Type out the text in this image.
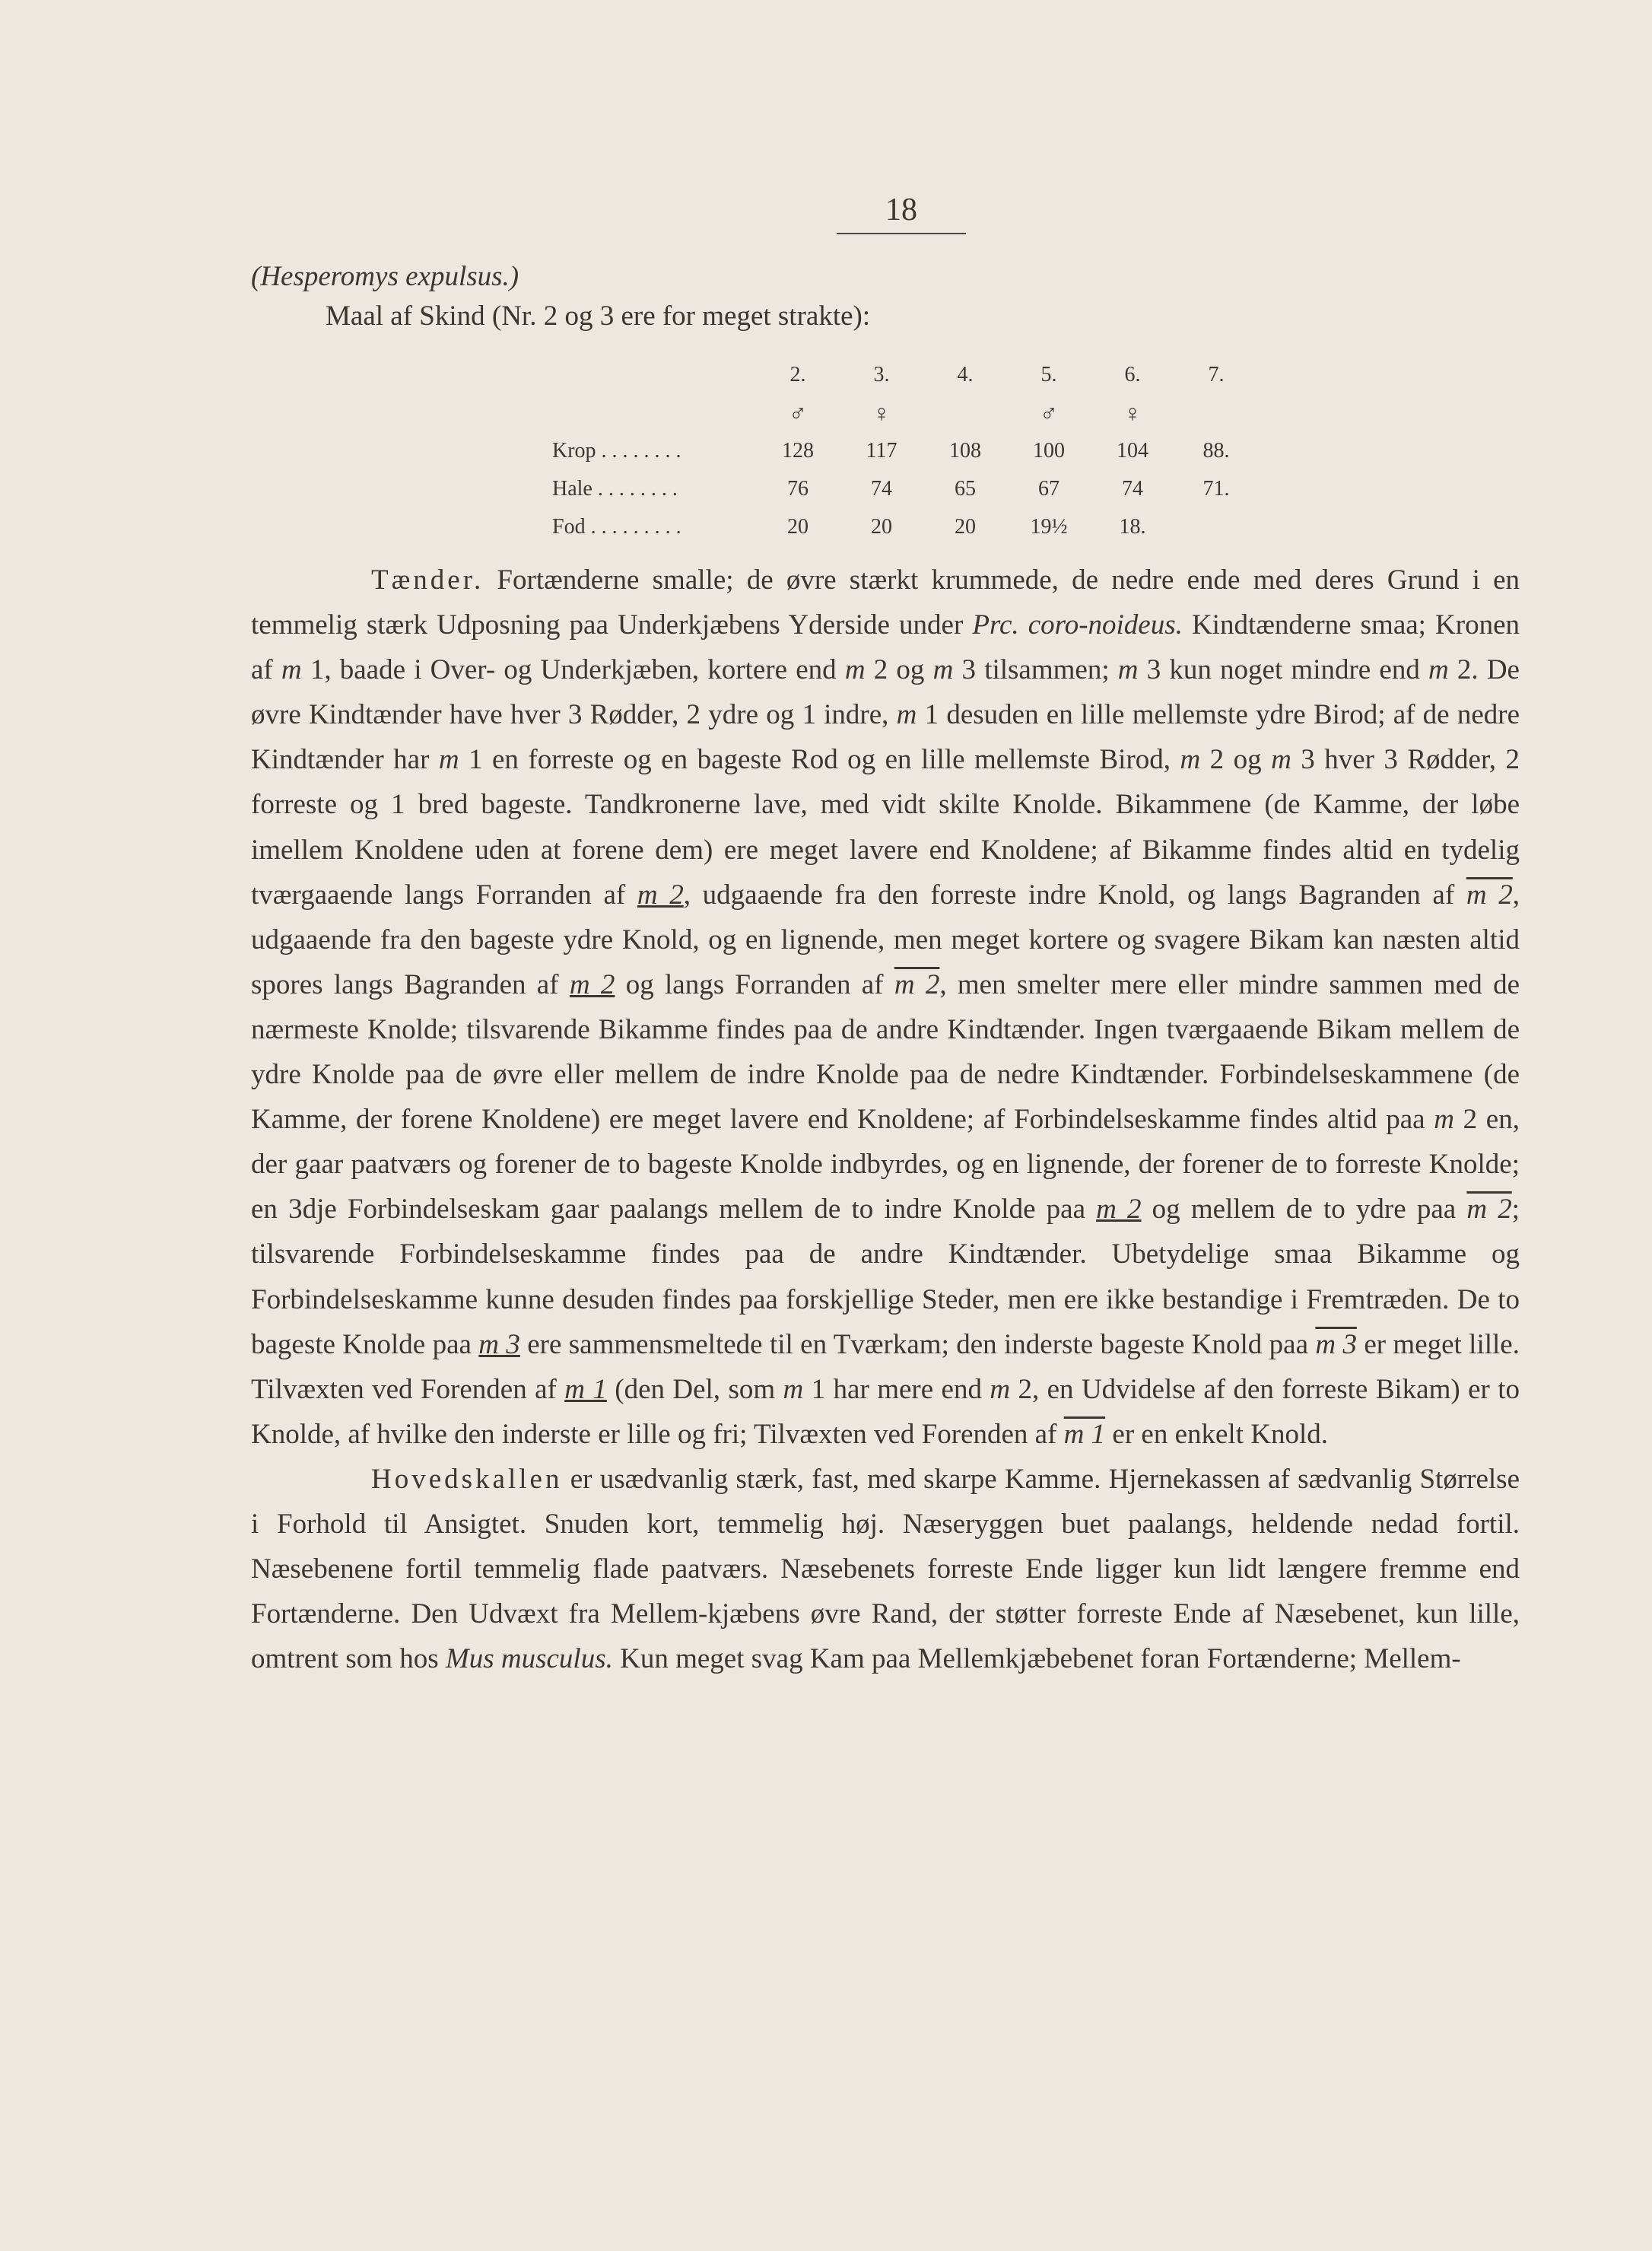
18
(Hesperomys expulsus.)
Maal af Skind (Nr. 2 og 3 ere for meget strakte):
	2.	3.	4.	5.	6.	7.
	♂	♀		♂	♀	
Krop . . . . . . . .	128	117	108	100	104	88.
Hale . . . . . . . .	76	74	65	67	74	71.
Fod . . . . . . . . .	20	20	20	19½	18.	

Tænder. Fortænderne smalle; de øvre stærkt krummede, de nedre ende med deres Grund i en temmelig stærk Udposning paa Underkjæbens Yderside under Prc. coro-noideus. Kindtænderne smaa; Kronen af m 1, baade i Over- og Underkjæben, kortere end m 2 og m 3 tilsammen; m 3 kun noget mindre end m 2. De øvre Kindtænder have hver 3 Rødder, 2 ydre og 1 indre, m 1 desuden en lille mellemste ydre Birod; af de nedre Kindtænder har m 1 en forreste og en bageste Rod og en lille mellemste Birod, m 2 og m 3 hver 3 Rødder, 2 forreste og 1 bred bageste. Tandkronerne lave, med vidt skilte Knolde. Bikammene (de Kamme, der løbe imellem Knoldene uden at forene dem) ere meget lavere end Knoldene; af Bikamme findes altid en tydelig tværgaaende langs Forranden af m 2, udgaaende fra den forreste indre Knold, og langs Bagranden af m 2, udgaaende fra den bageste ydre Knold, og en lignende, men meget kortere og svagere Bikam kan næsten altid spores langs Bagranden af m 2 og langs Forranden af m 2, men smelter mere eller mindre sammen med de nærmeste Knolde; tilsvarende Bikamme findes paa de andre Kindtænder. Ingen tværgaaende Bikam mellem de ydre Knolde paa de øvre eller mellem de indre Knolde paa de nedre Kindtænder. Forbindelseskammene (de Kamme, der forene Knoldene) ere meget lavere end Knoldene; af Forbindelseskamme findes altid paa m 2 en, der gaar paatværs og forener de to bageste Knolde indbyrdes, og en lignende, der forener de to forreste Knolde; en 3dje Forbindelseskam gaar paalangs mellem de to indre Knolde paa m 2 og mellem de to ydre paa m 2; tilsvarende Forbindelseskamme findes paa de andre Kindtænder. Ubetydelige smaa Bikamme og Forbindelseskamme kunne desuden findes paa forskjellige Steder, men ere ikke bestandige i Fremtræden. De to bageste Knolde paa m 3 ere sammensmeltede til en Tværkam; den inderste bageste Knold paa m 3 er meget lille. Tilvæxten ved Forenden af m 1 (den Del, som m 1 har mere end m 2, en Udvidelse af den forreste Bikam) er to Knolde, af hvilke den inderste er lille og fri; Tilvæxten ved Forenden af m 1 er en enkelt Knold.

Hovedskallen er usædvanlig stærk, fast, med skarpe Kamme. Hjernekassen af sædvanlig Størrelse i Forhold til Ansigtet. Snuden kort, temmelig høj. Næseryggen buet paalangs, heldende nedad fortil. Næsebenene fortil temmelig flade paatværs. Næsebenets forreste Ende ligger kun lidt længere fremme end Fortænderne. Den Udvæxt fra Mellem-kjæbens øvre Rand, der støtter forreste Ende af Næsebenet, kun lille, omtrent som hos Mus musculus. Kun meget svag Kam paa Mellemkjæbebenet foran Fortænderne; Mellem-
